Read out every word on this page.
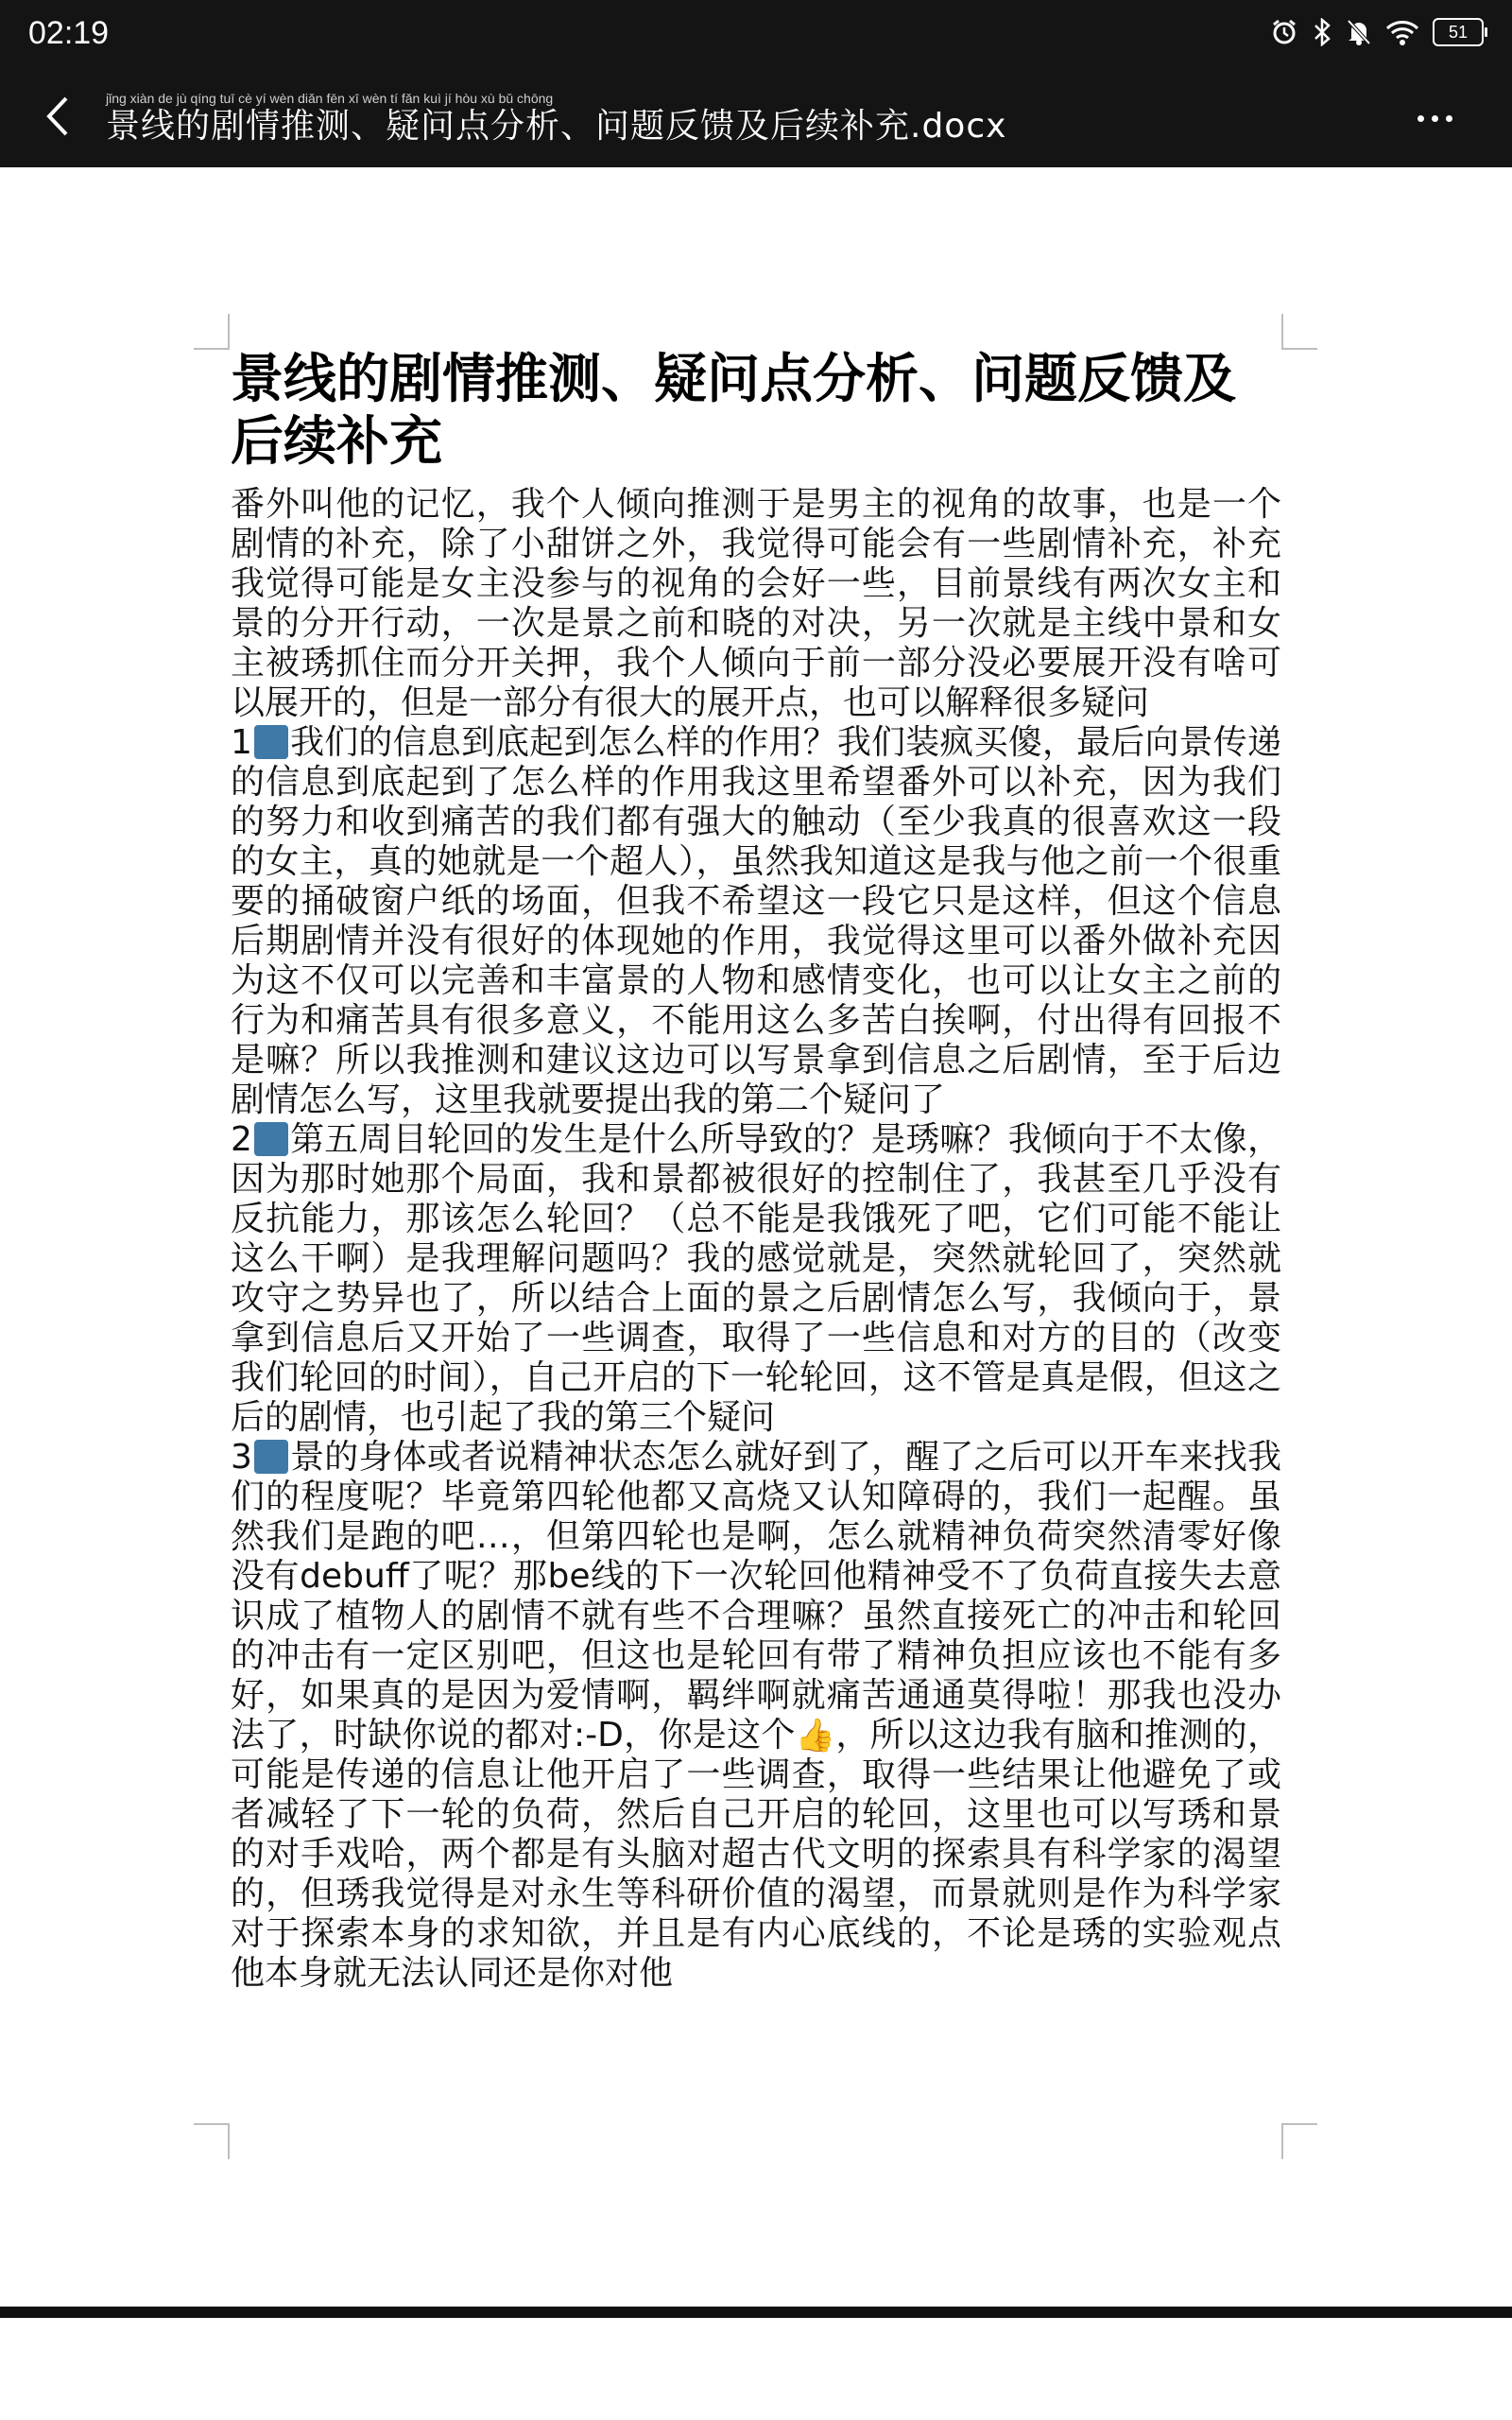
02:19	51
jǐng xiàn de jù qíng tuī cè yí wèn diǎn fēn xī wèn tí fǎn kuì jí hòu xù bǔ chōng
景线的剧情推测、疑问点分析、问题反馈及后续补充.docx
景线的剧情推测、疑问点分析、问题反馈及后续补充

番外叫他的记忆，我个人倾向推测于是男主的视角的故事，也是一个剧情的补充，除了小甜饼之外，我觉得可能会有一些剧情补充，补充我觉得可能是女主没参与的视角的会好一些，目前景线有两次女主和景的分开行动，一次是景之前和晓的对决，另一次就是主线中景和女主被琇抓住而分开关押，我个人倾向于前一部分没必要展开没有啥可以展开的，但是一部分有很大的展开点，也可以解释很多疑问

1 我们的信息到底起到怎么样的作用？我们装疯买傻，最后向景传递的信息到底起到了怎么样的作用我这里希望番外可以补充，因为我们的努力和收到痛苦的我们都有强大的触动（至少我真的很喜欢这一段的女主，真的她就是一个超人），虽然我知道这是我与他之前一个很重要的捅破窗户纸的场面，但我不希望这一段它只是这样，但这个信息后期剧情并没有很好的体现她的作用，我觉得这里可以番外做补充因为这不仅可以完善和丰富景的人物和感情变化，也可以让女主之前的行为和痛苦具有很多意义，不能用这么多苦白挨啊，付出得有回报不是嘛？所以我推测和建议这边可以写景拿到信息之后剧情，至于后边剧情怎么写，这里我就要提出我的第二个疑问了

2 第五周目轮回的发生是什么所导致的？是琇嘛？我倾向于不太像，因为那时她那个局面，我和景都被很好的控制住了，我甚至几乎没有反抗能力，那该怎么轮回？（总不能是我饿死了吧，它们可能不能让这么干啊）是我理解问题吗？我的感觉就是，突然就轮回了，突然就攻守之势异也了，所以结合上面的景之后剧情怎么写，我倾向于，景拿到信息后又开始了一些调查，取得了一些信息和对方的目的（改变我们轮回的时间），自己开启的下一轮轮回，这不管是真是假，但这之后的剧情，也引起了我的第三个疑问

3 景的身体或者说精神状态怎么就好到了，醒了之后可以开车来找我们的程度呢？毕竟第四轮他都又高烧又认知障碍的，我们一起醒。虽然我们是跑的吧…，但第四轮也是啊，怎么就精神负荷突然清零好像没有debuff了呢？那be线的下一次轮回他精神受不了负荷直接失去意识成了植物人的剧情不就有些不合理嘛？虽然直接死亡的冲击和轮回的冲击有一定区别吧，但这也是轮回有带了精神负担应该也不能有多好，如果真的是因为爱情啊，羁绊啊就痛苦通通莫得啦！那我也没办法了，时缺你说的都对:-D，你是这个👍，所以这边我有脑和推测的，可能是传递的信息让他开启了一些调查，取得一些结果让他避免了或者减轻了下一轮的负荷，然后自己开启的轮回，这里也可以写琇和景的对手戏哈，两个都是有头脑对超古代文明的探索具有科学家的渴望的，但琇我觉得是对永生等科研价值的渴望，而景就则是作为科学家对于探索本身的求知欲，并且是有内心底线的，不论是琇的实验观点他本身就无法认同还是你对他
